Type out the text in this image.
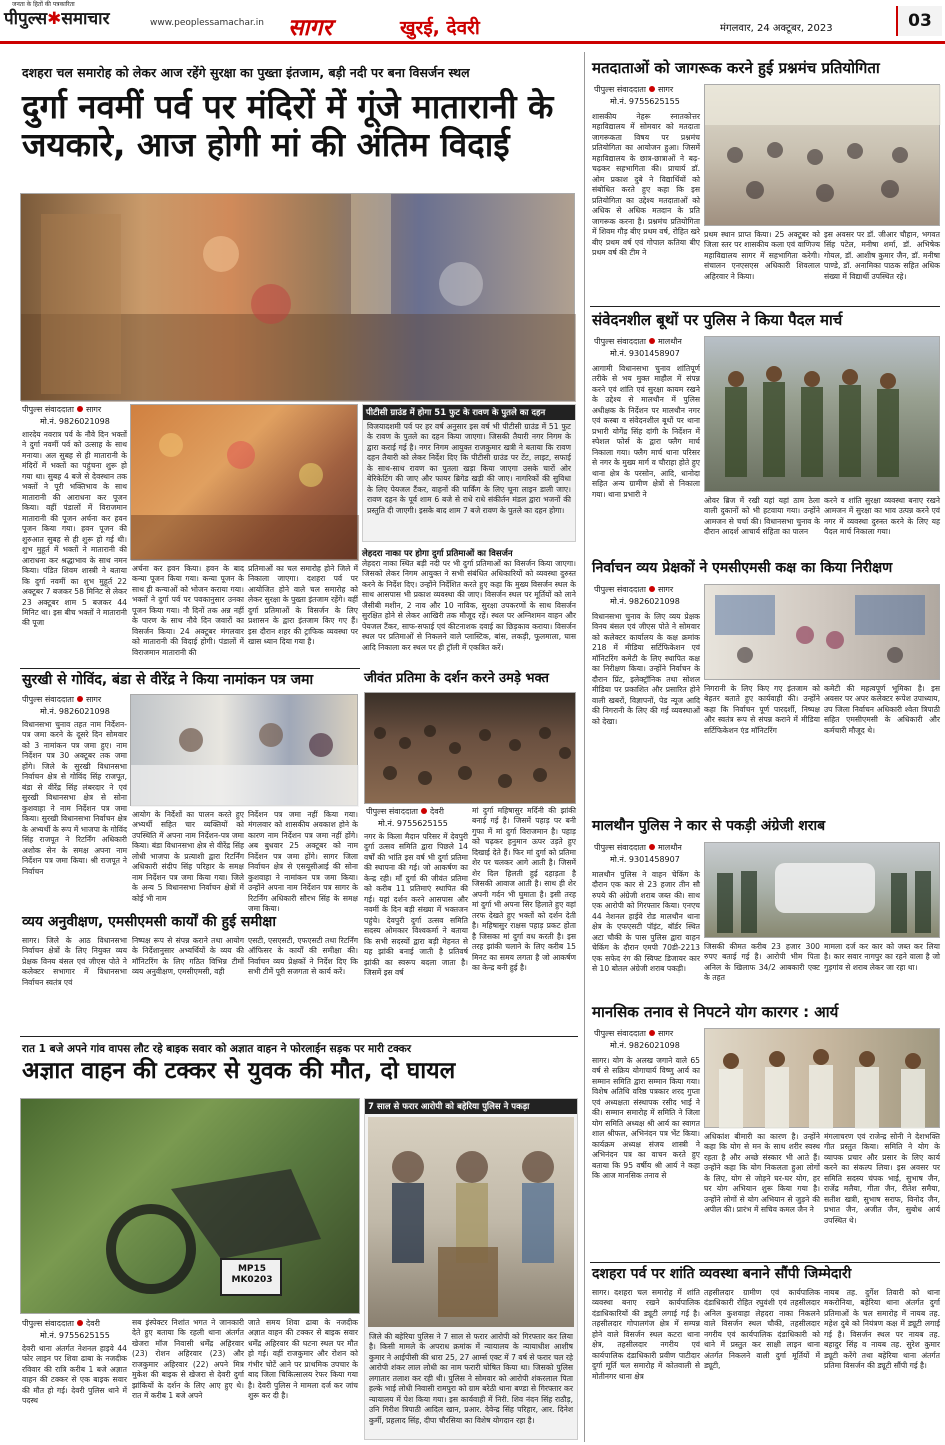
जनता के हितों की पत्रकारिता
पीपुल्स✱समाचार	www.peoplessamachar.in सागर	खुरई, देवरी	मंगलवार, 24 अक्टूबर, 2023	03
दशहरा चल समारोह को लेकर आज रहेंगे सुरक्षा का पुख्ता इंतजाम, बड़ी नदी पर बना विसर्जन स्थल
दुर्गा नवमीं पर्व पर मंदिरों में गूंजे मातारानी के जयकारे, आज होगी मां की अंतिम विदाई
पीपुल्स संवाददाता सागर
मो.नं. 9826021098
शारदेय नवरात्र पर्व के नौवे दिन भक्तों ने दुर्गा नवमीं पर्व को उत्साह के साथ मनाया। अल सुबह से ही मातारानी के मंदिरों में भक्तों का पहुंचना शुरू हो गया था। सुबह 4 बजे से देवस्थान तक भक्तों ने पूरी भक्तिभाव के साथ मातारानी की आराधना कर पूजन किया। वहीं पंडालों में विराजमान मातारानी की पूजन अर्चना कर हवन पूजन किया गया। हवन पूजन की शुरुआत सुबह से ही शुरू हो गई थी। शुभ मुहूर्त में भक्तों ने मातारानी की आराधना कर श्रद्धाभाव के साथ नमन किया। पंडित शिवम शास्त्री ने बताया कि दुर्गा नवमीं का शुभ मुहूर्त 22 अक्टूबर 7 बजकर 58 मिनिट से लेकर 23 अक्टूबर शाम 5 बजकर 44 मिनिट था। इस बीच भक्तों ने मातारानी की पूजा
अर्चना कर हवन किया। हवन के बाद कन्या पूजन किया गया। कन्या पूजन के साथ ही कन्याओं को भोजन कराया गया। भक्तों ने दुर्गा पर्व पर पवकानुसार उनका पूजन किया गया। नौ दिनों तक अन्न नहीं के पारण के साथ नौवे दिन जवारों का विसर्जन किया। 24 अक्टूबर मंगलवार को मातारानी की विदाई होगी। पंडालों में विराजमान मातारानी की
प्रतिमाओं का चल समारोह होने जिले में निकाला जाएगा। दशहरा पर्व पर आयोजित होने वाले चल समारोह को लेकर सुरक्षा के पुख्ता इंतजाम रहेंगे। वहीं दुर्गा प्रतिमाओं के विसर्जन के लिए प्रशासन के द्वारा इंतजाम किए गए हैं। इस दौरान शहर की ट्राफिक व्यवस्था पर खास ध्यान दिया गया है।
पीटीसी ग्राउंड में होगा 51 फुट के रावण के पुतले का दहन
विजयादशमी पर्व पर हर वर्ष अनुसार इस वर्ष भी पीटीसी ग्राउंड में 51 फुट के रावण के पुतले का दहन किया जाएगा। जिसकी तैयारी नगर निगम के द्वारा कराई गई है। नगर निगम आयुक्त राजकुमार खत्री ने बताया कि रावण दहन तैयारी को लेकर निर्देश दिए कि पीटीसी ग्राउंड पर टेंट, लाइट, सफाई के साथ-साथ रावण का पुतला खड़ा किया जाएगा उसके चारों ओर बेरिकेटिंग की जाए और फायर ब्रिगेड खड़ी की जाए। नागरिकों की सुविधा के लिए पेयजल टैंकर, वाहनों की पार्किंग के लिए चूना लाइन डाली जाए। रावण दहन के पूर्व शाम 6 बजे से राधे राधे संकीर्तन मंडल द्वारा भजनों की प्रस्तुति दी जाएगी। इसके बाद शाम 7 बजे रावण के पुतले का दहन होगा।
लेहदरा नाका पर होगा दुर्गा प्रतिमाओं का विसर्जन
लेहदरा नाका स्थित बड़ी नदी पर भी दुर्गा प्रतिमाओं का विसर्जन किया जाएगा। जिसको लेकर निगम आयुक्त ने सभी संबंधित अधिकारियों को व्यवस्था दुरुस्त करने के निर्देश दिए। उन्होंने निर्देशित करते हुए कहा कि मुख्य विसर्जन स्थल के साथ आसपास भी प्रकाश व्यवस्था की जाए। विसर्जन स्थल पर मूर्तियों को लाने जैसीबी मशीन, 2 नाव और 10 नाविक, सुरक्षा उपकरणों के साथ विसर्जन सुरक्षित होने से लेकर आखिरी तक मौजूद रहें। स्थल पर अग्निशमन वाहन और पेयजल टैंकर, साफ-सफाई एवं कीटनाशक दवाई का छिड़काव कराया। विसर्जन स्थल पर प्रतिमाओं से निकलने वाले प्लास्टिक, बांस, लकड़ी, फूलमाला, घास आदि निकाला कर स्थल पर ही ट्रॉली में एकत्रित करें।
सुरखी से गोविंद, बंडा से वीरेंद्र ने किया नामांकन पत्र जमा
पीपुल्स संवाददाता सागर
मो.नं. 9826021098
विधानसभा चुनाव तहत नाम निर्देशन-पत्र जमा करने के दूसरे दिन सोमवार को 3 नामांकन पत्र जमा हुए। नाम निर्देशन पत्र 30 अक्टूबर तक जमा होंगे। जिले के सुरखी विधानसभा निर्वाचन क्षेत्र से गोविंद सिंह राजपूत, बंडा से वीरेंद्र सिंह लंबरदार ने एवं सुरखी विधानसभा क्षेत्र से सोना कुशवाहा ने नाम निर्देशन पत्र जमा किया। सुरखी विधानसभा निर्वाचन क्षेत्र के अभ्यर्थी के रूप में भाजपा के गोविंद सिंह राजपूत ने रिटर्निंग अधिकारी अशोक सेन के समक्ष अपना नाम निर्देशन पत्र जमा किया। श्री राजपूत ने निर्वाचन
आयोग के निर्देशों का पालन करते हुए अभ्यर्थी सहित चार व्यक्तियों को उपस्थिति में अपना नाम निर्देशन-पत्र जमा किया। बंडा विधानसभा क्षेत्र से वीरेंद्र सिंह लोधी भाजपा के प्रत्याशी द्वारा रिटर्निंग अधिकारी संदीप सिंह परिहार के समक्ष नाम निर्देशन पत्र जमा किया गया। जिले के अन्य 5 विधानसभा निर्वाचन क्षेत्रों में कोई भी नाम
निर्देशन पत्र जमा नहीं किया गया। मंगलवार को शासकीय अवकाश होने के कारण नाम निर्देशन पत्र जमा नहीं होंगे। अब बुधवार 25 अक्टूबर को नाम निर्देशन पत्र जमा होंगे। सागर जिला निर्वाचन क्षेत्र से एसयूसीआई की सोना कुशवाहा ने नामांकन पत्र जमा किया। उन्होंने अपना नाम निर्देशन पत्र सागर के रिटर्निंग अधिकारी सौरभ सिंह के समक्ष जमा किया।
व्यय अनुवीक्षण, एमसीएमसी कार्यों की हुई समीक्षा
सागर। जिले के आठ विधानसभा निर्वाचन क्षेत्रों के लिए नियुक्त व्यय प्रेक्षक विनय बंसल एवं जीएस पोते ने कलेक्टर सभागार में विधानसभा निर्वाचन स्वतंत्र एवं
निष्पक्ष रूप से संपन्न कराने तथा आयोग के निर्देशानुसार अभ्यर्थियों के व्यय की मॉनिटरिंग के लिए गठित विभिन्न टीमों व्यय अनुवीक्षण, एमसीएमसी, वही
एसटी, एसएसटी, एफएसटी तथा रिटर्निंग ऑफिसर के कार्यों की समीक्षा की। निर्वाचन व्यय प्रेक्षकों ने निर्देश दिए कि सभी टीमें पूरी सजगता से कार्य करें।
जीवंत प्रतिमा के दर्शन करने उमड़े भक्त
पीपुल्स संवाददाता देवरी
मो.नं. 9755625155
नगर के किला मैदान परिसर में देवपुरी दुर्गा उत्सव समिति द्वारा पिछले 14 वर्षों की भांति इस वर्ष भी दुर्गा प्रतिमा की स्थापना की गई। जो आकर्षण का केन्द्र रही। माँ दुर्गा की जीवंत प्रतिमा को करीब 11 प्रतिमाएं स्थापित की गई। यहां दर्शन करने आसपास और नवमीं के दिन बड़ी संख्या में भक्तजन पहुंचे। देवपुरी दुर्गा उत्सव समिति सदस्य ओमकार विश्वकर्मा ने बताया कि सभी सदस्यों द्वारा बड़ी मेहनत से यह झांकी बनाई जाती है प्रतिवर्ष झांकी का स्वरूप बदला जाता है। जिसमें इस वर्ष
मां दुर्गा महिषासुर मर्दिनी की झांकी बनाई गई है। जिसमें पहाड़ पर बनी गुफा में मां दुर्गा विराजमान है। पहाड़ को चढ़कर हनुमान ऊपर उड़ते हुए दिखाई देते हैं। फिर मां दुर्गा को प्रतिमा शेर पर चलकर आगे आती है। जिसमें शेर दिल हिलती हुई दहाड़ता है जिसकी आवाज आती है। साथ ही शेर अपनी गर्दन भी घुमाता है। इसी तरह मां दुर्गा भी अपना सिर हिलाते हुए वहां तरफ देखते हुए भक्तों को दर्शन देती है। महिषासुर राक्षस पहाड़ प्रकट होता है जिसका मां दुर्गा वध करती है। इस तरह झांकी चलाने के लिए करीब 15 मिनट का समय लगता है जो आकर्षण का केन्द्र बनी हुई है।
रात 1 बजे अपने गांव वापस लौट रहे बाइक सवार को अज्ञात वाहन ने फोरलाईन सड़क पर मारी टक्कर
अज्ञात वाहन की टक्कर से युवक की मौत, दो घायल
MP15 MK0203
पीपुल्स संवाददाता देवरी
मो.नं. 9755625155
देवरी थाना अंतर्गत नेशनल हाइवे 44 फोर लाइन पर शिवा ढाबा के नजदीक रविवार की रात्रि करीब 1 बजे अज्ञात वाहन की टक्कर से एक बाइक सवार की मौत हो गई। देवरी पुलिस थाने में पदस्थ
सब इंस्पेक्टर निशांत भगत ने जानकारी देते हुए बताया कि रहली थाना अंतर्गत खेजरा मॉज निवासी धर्मेंद्र अहिरवार (23) रोशन अहिरवार (23) और राजकुमार अहिरवार (22) अपने मित्र मुकेश की बाइक से खेजरा से देवरी दुर्गा झांकियों के दर्शन के लिए आए हुए थे। रात में करीब 1 बजे अपने
जाते समय शिवा ढाबा के नजदीक अज्ञात वाहन की टक्कर से बाइक सवार धर्मेंद्र अहिरवार की घटना स्थल पर मौत हो गई। वहीं राजकुमार और रोशन को गंभीर चोटें आने पर प्राथमिक उपचार के बाद जिला चिकित्सालय रेफर किया गया है। देवरी पुलिस ने मामला दर्ज कर जांच शुरू कर दी है।
7 साल से फरार आरोपी को बहेरिया पुलिस ने पकड़ा
जिले की बहेरिया पुलिस ने 7 साल से फरार आरोपी को गिरफ्तार कर लिया है। किसी मामले के अपराध क्रमांक में न्यायालय के न्यायाधीश आशीष कुमार ने आईपीसी की धारा 25, 27 आर्म्स एक्ट में 7 वर्ष से फरार चल रहे आरोपी शंकर लाल लोधी का नाम फरारी घोषित किया था। जिसको पुलिस लगातार तलाश कर रही थी। पुलिस ने सोमवार को आरोपी शंकरलाल पिता हल्के भाई लोधी निवासी रामपुरा को ग्राम बरेठी थाना बण्डा से गिरफ्तार कर न्यायालय में पेश किया गया। इस कार्यवाही में निरी. शिव नंदन सिंह राठौड़, उनि गिरीश त्रिपाठी आदिल खान, प्रआर. देवेन्द्र सिंह परिहार, आर. दिनेश कुर्मी, प्रहलाद सिंह, दीपा चौरसिया का विशेष योगदान रहा है।
मतदाताओं को जागरूक करने हुई प्रश्नमंच प्रतियोगिता
पीपुल्स संवाददाता सागर
मो.नं. 9755625155
शासकीय नेहरू स्नातकोत्तर महाविद्यालय में सोमवार को मतदाता जागरूकता विषय पर प्रश्नमंच प्रतियोगिता का आयोजन हुआ। जिसमें महाविद्यालय के छात्र-छात्राओं ने बढ़-चढ़कर सहभागिता की। प्राचार्य डॉ. ओम प्रकाश दुबे ने विद्यार्थियों को संबोधित करते हुए कहा कि इस प्रतियोगिता का उद्देश्य मतदाताओं को अधिक से अधिक मतदान के प्रति जागरूक करना है। प्रश्नमंच प्रतियोगिता में शिवम गौड़ बीए प्रथम वर्ष, रोहित खरे बीए प्रथम वर्ष एवं गोपाल कतिया बीए प्रथम वर्ष की टीम ने
प्रथम स्थान प्राप्त किया। 25 अक्टूबर को जिला स्तर पर शासकीय कला एवं वाणिज्य महाविद्यालय सागर में सहभागिता करेगी। संचालन एनएसएस अधिकारी शिवलाल अहिरवार ने किया।
इस अवसर पर डॉ. जीआर चौहान, भगवत सिंह पटेल, मनीषा शर्मा, डॉ. अभिषेक गोयल, डॉ. आशीष कुमार जैन, डॉ. मनीषा पाण्डे, डॉ. अनामिका पाठक सहित अधिक संख्या में विद्यार्थी उपस्थित रहे।
संवेदनशील बूथों पर पुलिस ने किया पैदल मार्च
पीपुल्स संवाददाता मालथौन
मो.नं. 9301458907
आगामी विधानसभा चुनाव शांतिपूर्ण तरीके से भय मुक्त माहौल में संपन्न करने एवं शांति एवं सुरक्षा कायम रखने के उद्देश्य से मालथौन में पुलिस अधीक्षक के निर्देशन पर मालथौन नगर एवं कस्बा व संवेदनशील बूथों पर थाना प्रभारी योगेंद्र सिंह दांगी के निर्देशन में स्पेशल फोर्स के द्वारा फ्लैग मार्च निकाला गया। फ्लैग मार्च थाना परिसर से नगर के मुख्य मार्ग व चौराहा होते हुए थाना क्षेत्र के परसोन, आदि, धानोदा सहित अन्य ग्रामीण क्षेत्रों से निकाला गया। थाना प्रभारी ने
ओवर ब्रिज में रखी यहां यहां ठाम ठेला वाली दुकानों को भी हटवाया गया। उन्होंने आमजन से चर्चा की। विधानसभा चुनाव के दौरान आदर्श आचार्य संहिता का पालन
करने व शांति सुरक्षा व्यवस्था बनाए रखने आमजन में सुरक्षा का भाव उत्पन्न करने एवं नगर में व्यवस्था दुरुस्त करने के लिए यह पैदल मार्च निकाला गया।
निर्वाचन व्यय प्रेक्षकों ने एमसीएमसी कक्ष का किया निरीक्षण
पीपुल्स संवाददाता सागर
मो.नं. 9826021098
विधानसभा चुनाव के लिए व्यय प्रेक्षक विनय बंसल एवं जीएस पोते ने सोमवार को कलेक्टर कार्यालय के कक्ष क्रमांक 218 में मीडिया सर्टिफिकेशन एवं मॉनिटरिंग कमेटी के लिए स्थापित कक्ष का निरीक्षण किया। उन्होंने निर्वाचन के दौरान प्रिंट, इलेक्ट्रॉनिक तथा सोशल मीडिया पर प्रकाशित और प्रसारित होने वाली खबरों, विज्ञापनों, पेड न्यूज आदि की निगरानी के लिए की गई व्यवस्थाओं को देखा।
निगरानी के लिए किए गए इंतजाम को बेहतर बताते हुए कार्यवाही की। उन्होंने कहा कि निर्वाचन पूर्ण पारदर्शी, निष्पक्ष और स्वतंत्र रूप से संपन्न कराने में मीडिया सर्टिफिकेशन एंड मॉनिटरिंग
कमेटी की महत्वपूर्ण भूमिका है। इस अवसर पर अपर कलेक्टर रूपेश उपाध्याय, उप जिला निर्वाचन अधिकारी श्वेता त्रिपाठी सहित एमसीएमसी के अधिकारी और कर्मचारी मौजूद थे।
मालथौन पुलिस ने कार से पकड़ी अंग्रेजी शराब
पीपुल्स संवाददाता मालथौन
मो.नं. 9301458907
मालथौन पुलिस ने वाहन चेकिंग के दौरान एक कार से 23 हजार तीन सौ रुपये की अंग्रेजी शराब जब्त की। साथ एक आरोपी को गिरफ्तार किया। एनएच 44 नेशनल हाईवे रोड मालथौन थाना क्षेत्र के एफएसटी पॉइंट, बॉर्डर स्थित अटा चौकी के पास पुलिस द्वारा वाहन चेकिंग के दौरान एमपी 70डी-2213 एक सफेद रंग की स्विफ्ट डिजायर कार से 10 बोतल अंग्रेजी शराब पकड़ी।
जिसकी कीमत करीब 23 हजार 300 रुपए बताई गई है। आरोपी भीम पिता अनिल के खिलाफ 34/2 आबकारी एक्ट के तहत
मामला दर्ज कर कार को जब्त कर लिया है। कार सवार नागपुर का रहने वाला है जो गुड़गांव से शराब लेकर जा रहा था।
मानसिक तनाव से निपटने योग कारगर : आर्य
पीपुल्स संवाददाता सागर
मो.नं. 9826021098
सागर। योग के अलख जगाने वाले 65 वर्ष से सक्रिय योगाचार्य विष्णु आर्य का सम्मान समिति द्वारा सम्मान किया गया। विशेष अतिथि वरिष्ठ पत्रकार शरद गुप्ता एवं अध्यक्षता संस्थापक रसीद भाई ने की। सम्मान समारोह में समिति ने जिला योग समिति अध्यक्ष श्री आर्य का स्वागत शाल श्रीफल, अभिनंदन पत्र भेंट किया। कार्यक्रम अध्यक्ष संजय शास्त्री ने अभिनंदन पत्र का वाचन करते हुए बताया कि 95 वर्षीय श्री आर्य ने कहा कि आज मानसिक तनाव से
अधिकांश बीमारी का कारण है। उन्होंने कहा कि योग से मन के साथ शरीर स्वस्थ रहता है और अच्छे संस्कार भी आते हैं। उन्होंने कहा कि योग निकलता हुआ लोगों के लिए, योग से जोड़ने घर-घर योग, हर घर योग अभियान शुरू किया गया है। उन्होंने लोगों से योग अभियान से जुड़ने की अपील की। प्रारंभ में सचिव कमल जैन ने
मंगलाचरण एवं राजेन्द्र सोनी ने देशभक्ति गीत प्रस्तुत किया। समिति ने योग के व्यापक प्रचार और प्रसार के लिए कार्य करने का संकल्प लिया। इस अवसर पर समिति सदस्य चंपक भाई, सुभाष जैन, राजेंद्र मलैया, गीता जैन, रीतेश समैया, सतीश खत्री, सुभाष सराफ, विनोद जैन, प्रभात जैन, अजीत जैन, सुबोध आर्य उपस्थित थे।
दशहरा पर्व पर शांति व्यवस्था बनाने सौंपी जिम्मेदारी
सागर। दशहरा चल समारोह में शांति व्यवस्था बनाए रखने कार्यपालिक दंडाधिकारियों की ड्यूटी लगाई गई है। तहसीलदार गोपालगंज क्षेत्र में सम्पन्न होने वाले विसर्जन स्थल कटरा थाना क्षेत्र, तहसीलदार नगरीय एवं कार्यपालिक दंडाधिकारी प्रवीण पाटीदार दुर्गा मूर्ति चल समारोह में कोतवाली से मोतीनगर थाना क्षेत्र
तहसीलदार ग्रामीण एवं कार्यपालिक दंडाधिकारी रोहित रघुवंशी एवं तहसीलदार अनिल कुशवाहा लेहदरा नाका निकलने वाले विसर्जन स्थल चौकी, तहसीलदार नगरीय एवं कार्यपालिक दंडाधिकारी को थाने में प्रस्तुत कर साक्षी लाइन थाना अंतर्गत निकलने वाली दुर्गा मूर्तियों में ड्यूटी,
नायब तह. दुर्गेश तिवारी को थाना मकरोनिया, बहेरिया थाना अंतर्गत दुर्गा प्रतिमाओं के चल समारोह में नायब तह. महेश दुबे को नियंत्रण कक्ष में ड्यूटी लगाई गई है। विसर्जन स्थल पर नायब तह. बहादुर सिंह व नायब तह. सुरेश कुमार ड्यूटी करेंगे तथा बहेरिया थाना अंतर्गत प्रतिमा विसर्जन की ड्यूटी सौंपी गई है।
